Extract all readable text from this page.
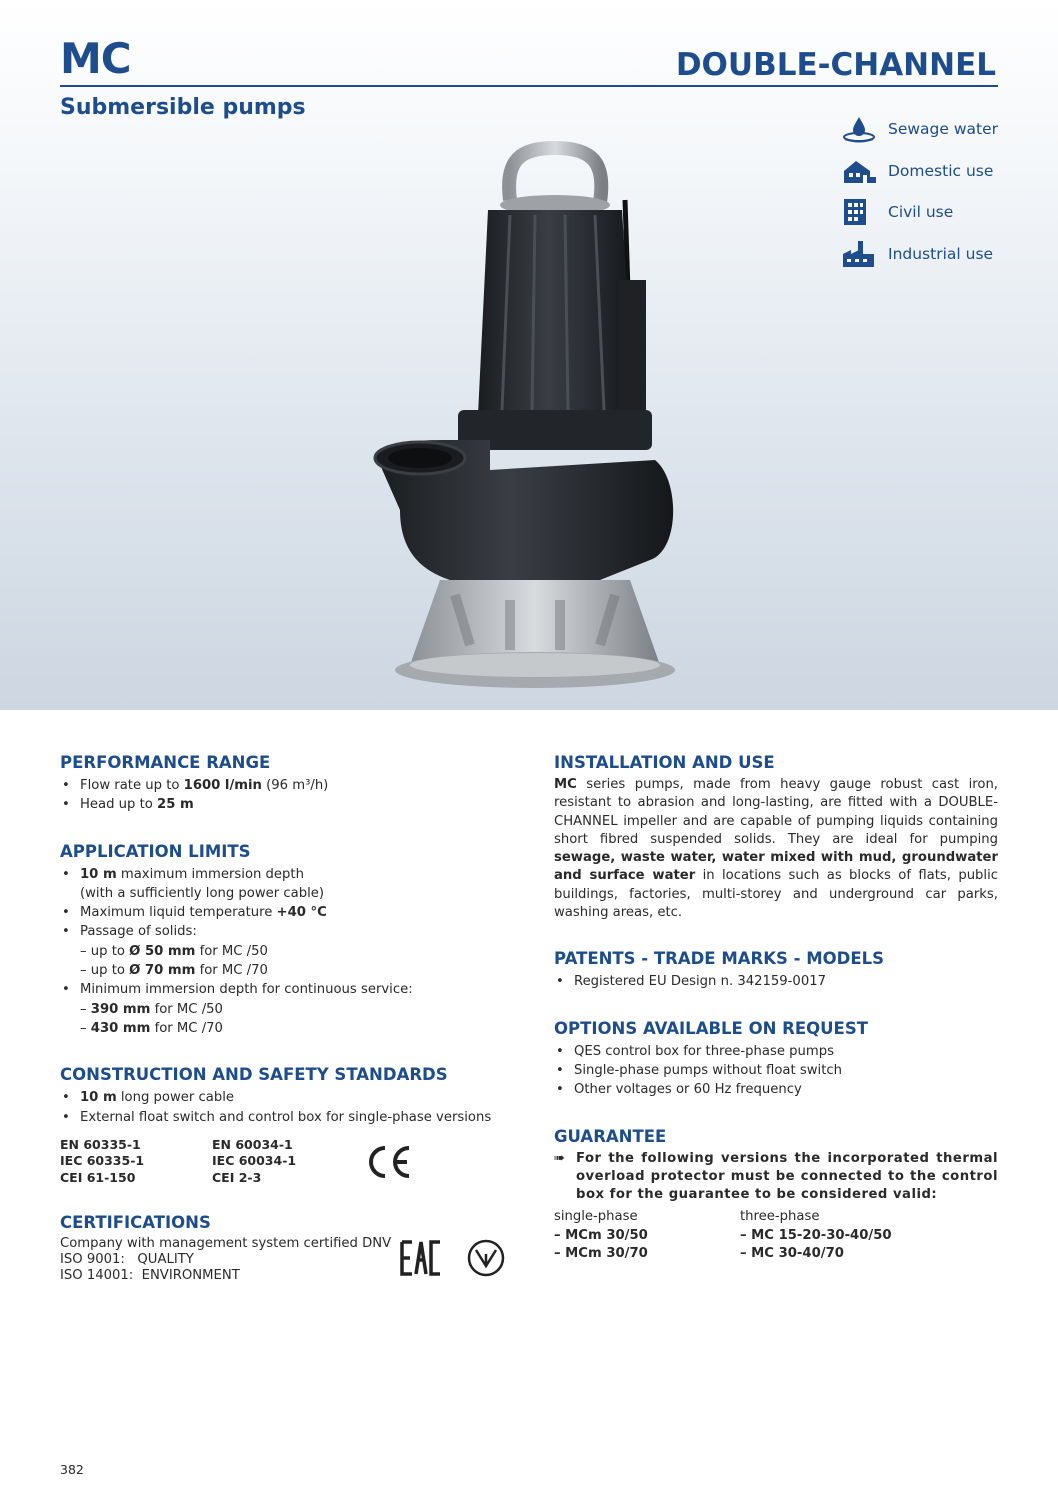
MC	DOUBLE-CHANNEL
Submersible pumps
Sewage water
Domestic use
Civil use
Industrial use
PERFORMANCE RANGE
• Flow rate up to 1600 l/min (96 m³/h)
• Head up to 25 m
APPLICATION LIMITS
• 10 m maximum immersion depth
(with a sufficiently long power cable)
• Maximum liquid temperature +40 °C
• Passage of solids:
– up to Ø 50 mm for MC /50
– up to Ø 70 mm for MC /70
• Minimum immersion depth for continuous service:
– 390 mm for MC /50
– 430 mm for MC /70
CONSTRUCTION AND SAFETY STANDARDS
• 10 m long power cable
• External float switch and control box for single-phase versions
EN 60335-1
IEC 60335-1
CEI 61-150
EN 60034-1
IEC 60034-1
CEI 2-3
CERTIFICATIONS
Company with management system certified DNV
ISO 9001:   QUALITY
ISO 14001:  ENVIRONMENT
INSTALLATION AND USE
MC series pumps, made from heavy gauge robust cast iron, resistant to abrasion and long-lasting, are fitted with a DOUBLE-CHANNEL impeller and are capable of pumping liquids containing short fibred suspended solids. They are ideal for pumping sewage, waste water, water mixed with mud, groundwater and surface water in locations such as blocks of flats, public buildings, factories, multi-storey and underground car parks, washing areas, etc.
PATENTS - TRADE MARKS - MODELS
• Registered EU Design n. 342159-0017
OPTIONS AVAILABLE ON REQUEST
• QES control box for three-phase pumps
• Single-phase pumps without float switch
• Other voltages or 60 Hz frequency
GUARANTEE
➠ For the following versions the incorporated thermal overload protector must be connected to the control box for the guarantee to be considered valid:
single-phase
– MCm 30/50
– MCm 30/70
three-phase
– MC 15-20-30-40/50
– MC 30-40/70
382
